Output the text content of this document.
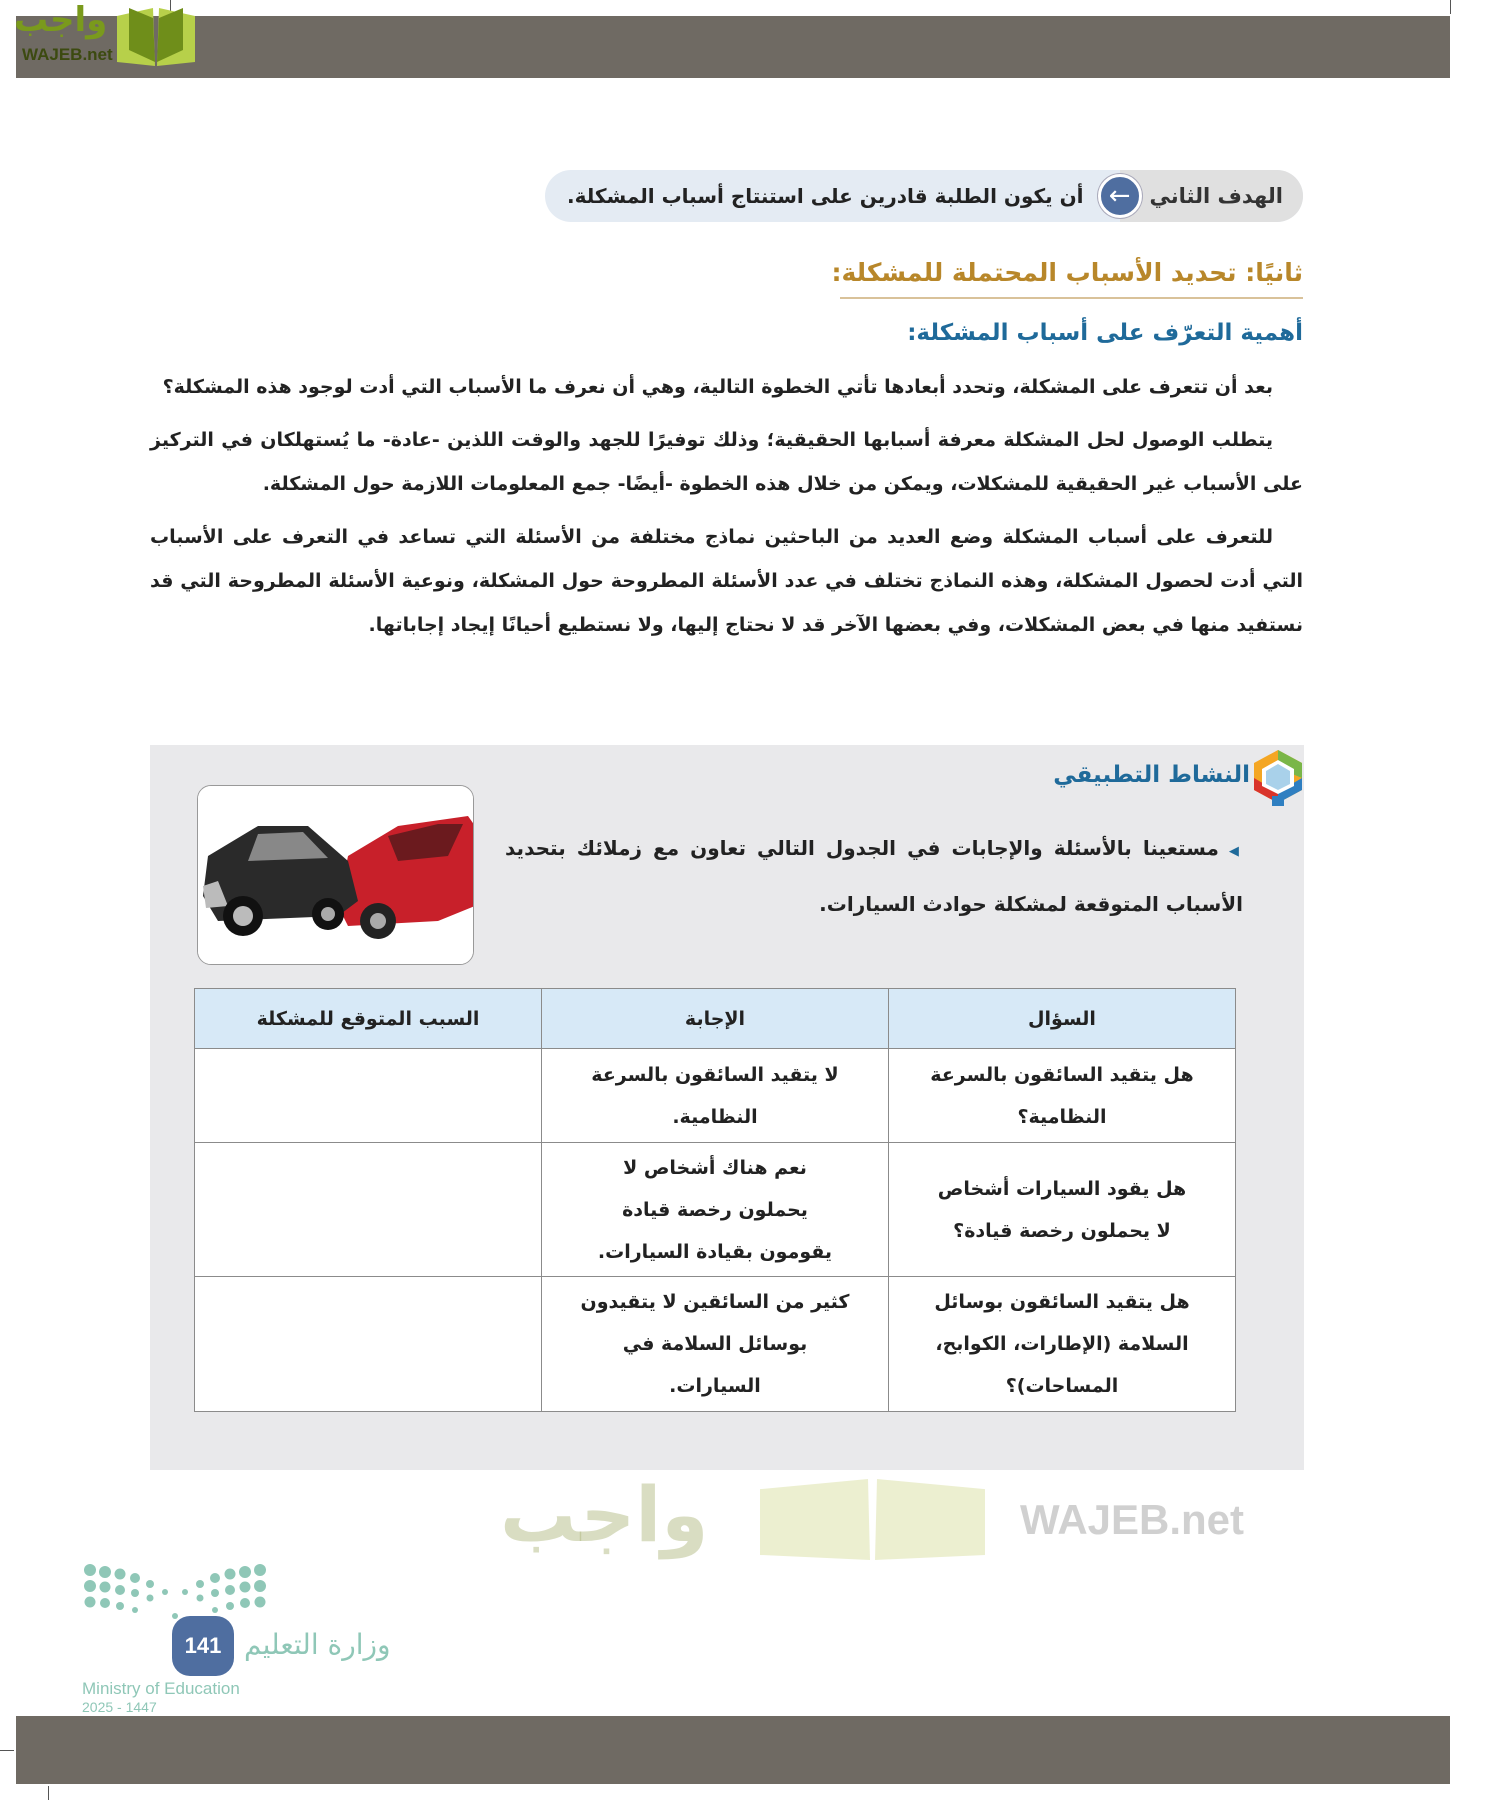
واجب
WAJEB.net
الهدف الثاني
←
أن يكون الطلبة قادرين على استنتاج أسباب المشكلة.
ثانيًا: تحديد الأسباب المحتملة للمشكلة:
أهمية التعرّف على أسباب المشكلة:

بعد أن تتعرف على المشكلة، وتحدد أبعادها تأتي الخطوة التالية، وهي أن نعرف ما الأسباب التي أدت لوجود هذه المشكلة؟

يتطلب الوصول لحل المشكلة معرفة أسبابها الحقيقية؛ وذلك توفيرًا للجهد والوقت اللذين -عادة- ما يُستهلكان في التركيز على الأسباب غير الحقيقية للمشكلات، ويمكن من خلال هذه الخطوة -أيضًا- جمع المعلومات اللازمة حول المشكلة.

للتعرف على أسباب المشكلة وضع العديد من الباحثين نماذج مختلفة من الأسئلة التي تساعد في التعرف على الأسباب التي أدت لحصول المشكلة، وهذه النماذج تختلف في عدد الأسئلة المطروحة حول المشكلة، ونوعية الأسئلة المطروحة التي قد نستفيد منها في بعض المشكلات، وفي بعضها الآخر قد لا نحتاج إليها، ولا نستطيع أحيانًا إيجاد إجاباتها.

النشاط التطبيقي
◀مستعينا بالأسئلة والإجابات في الجدول التالي تعاون مع زملائك بتحديد الأسباب المتوقعة لمشكلة حوادث السيارات.
السؤال	الإجابة	السبب المتوقع للمشكلة
هل يتقيد السائقون بالسرعة النظامية؟	لا يتقيد السائقون بالسرعة النظامية.	
هل يقود السيارات أشخاص لا يحملون رخصة قيادة؟	نعم هناك أشخاص لا يحملون رخصة قيادة يقومون بقيادة السيارات.	
هل يتقيد السائقون بوسائل السلامة (الإطارات، الكوابح، المساحات)؟	كثير من السائقين لا يتقيدون بوسائل السلامة في السيارات.	
واجب	WAJEB.net
141 وزارة التعليم
Ministry of Education
2025 - 1447
